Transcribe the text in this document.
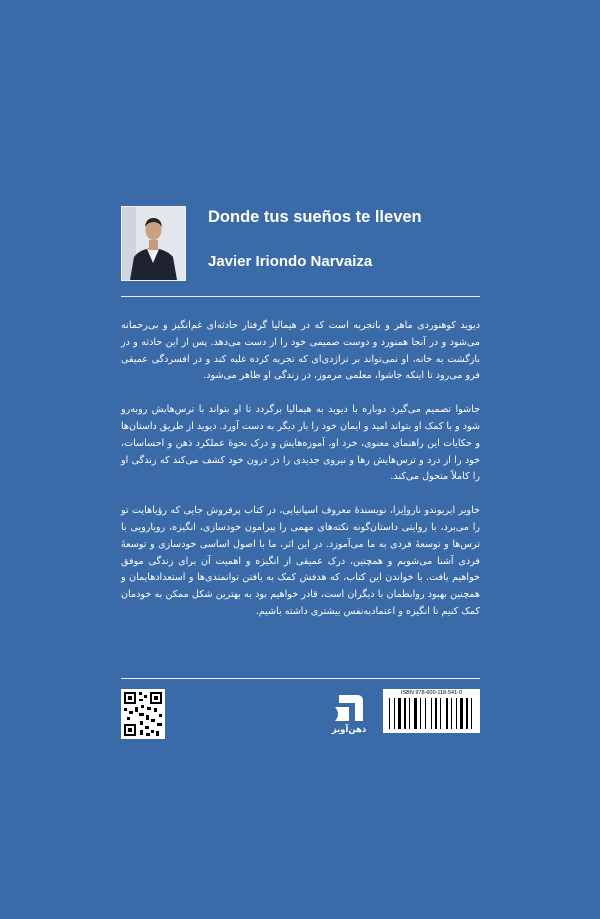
Donde tus sueños te lleven
Javier Iriondo Narvaiza

دیوید کوهنوردی ماهر و باتجربه است که در هیمالیا گرفتار حادثه‌ای غم‌انگیز و بی‌رحمانه می‌شود و در آنجا همنورد و دوست صمیمی خود را از دست می‌دهد. پس از این حادثه و در بازگشت به خانه، او نمی‌تواند بر تراژدی‌ای که تجربه کرده غلبه کند و در افسردگی عمیقی فرو می‌رود تا اینکه جاشوا، معلمی مرموز، در زندگی او ظاهر می‌شود.

جاشوا تصمیم می‌گیرد دوباره با دیوید به هیمالیا برگردد تا او بتواند با ترس‌هایش روبه‌رو شود و با کمک او بتواند امید و ایمان خود را بار دیگر به دست آورد. دیوید از طریق داستان‌ها و حکایات این راهنمای معنوی، خرد او، آموزه‌هایش و درک نحوۀ عملکرد ذهن و احساسات، خود را از درد و ترس‌هایش رها و نیروی جدیدی را در درون خود کشف می‌کند که زندگی او را کاملاً متحول می‌کند.

خاویر ایریوندو نارواِیزا، نویسندۀ معروف اسپانیایی، در کتاب پرفروش جایی که رؤیاهایت تو را می‌برد، با روایتی داستان‌گونه نکته‌های مهمی را پیرامون خودسازی، انگیزه، رویارویی با ترس‌ها و توسعۀ فردی به ما می‌آموزد. در این اثر، ما با اصول اساسی خودسازی و توسعۀ فردی آشنا می‌شویم و همچنین، درک عمیقی از انگیزه و اهمیت آن برای زندگی موفق خواهیم یافت. با خواندن این کتاب، که هدفش کمک به یافتن توانمندی‌ها و استعدادهایمان و همچنین بهبود روابطمان با دیگران است، قادر خواهیم بود به بهترین شکل ممکن به خودمان کمک کنیم تا انگیزه و اعتمادبه‌نفس بیشتری داشته باشیم.

ذهن‌آویز
ISBN 978-600-118-541-0
